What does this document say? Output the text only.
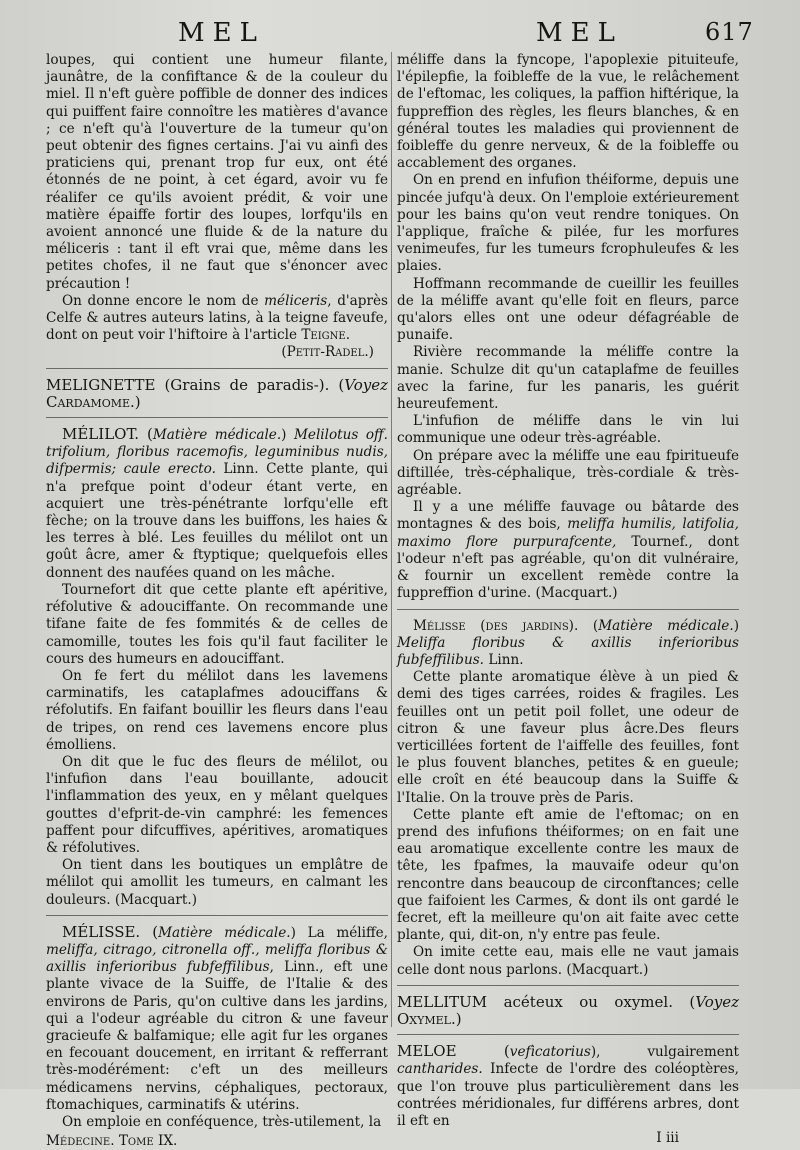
MEL	MEL	617

loupes, qui contient une humeur filante, jaunâtre, de la confiftance & de la couleur du miel. Il n'eft guère poffible de donner des indices qui puiffent faire connoître les matières d'avance ; ce n'eft qu'à l'ouverture de la tumeur qu'on peut obtenir des fignes certains. J'ai vu ainfi des praticiens qui, prenant trop fur eux, ont été étonnés de ne point, à cet égard, avoir vu fe réalifer ce qu'ils avoient prédit, & voir une matière épaiffe fortir des loupes, lorfqu'ils en avoient annoncé une fluide & de la nature du méliceris : tant il eft vrai que, même dans les petites chofes, il ne faut que s'énoncer avec précaution !

On donne encore le nom de méliceris, d'après Celfe & autres auteurs latins, à la teigne faveufe, dont on peut voir l'hiftoire à l'article Teigne.

(Petit-Radel.)

MELIGNETTE (Grains de paradis-). (Voyez Cardamome.)

MÉLILOT. (Matière médicale.) Melilotus off. trifolium, floribus racemofis, leguminibus nudis, difpermis; caule erecto. Linn. Cette plante, qui n'a prefque point d'odeur étant verte, en acquiert une très-pénétrante lorfqu'elle eft fèche; on la trouve dans les buiffons, les haies & les terres à blé. Les feuilles du mélilot ont un goût âcre, amer & ftyptique; quelquefois elles donnent des naufées quand on les mâche.

Tournefort dit que cette plante eft apéritive, réfolutive & adouciffante. On recommande une tifane faite de fes fommités & de celles de camomille, toutes les fois qu'il faut faciliter le cours des humeurs en adouciffant.

On fe fert du mélilot dans les lavemens carminatifs, les cataplafmes adouciffans & réfolutifs. En faifant bouillir les fleurs dans l'eau de tripes, on rend ces lavemens encore plus émolliens.

On dit que le fuc des fleurs de mélilot, ou l'infufion dans l'eau bouillante, adoucit l'inflammation des yeux, en y mêlant quelques gouttes d'efprit-de-vin camphré: les femences paffent pour difcuffives, apéritives, aromatiques & réfolutives.

On tient dans les boutiques un emplâtre de mélilot qui amollit les tumeurs, en calmant les douleurs. (Macquart.)

MÉLISSE. (Matière médicale.) La méliffe, meliffa, citrago, citronella off., meliffa floribus & axillis inferioribus fubfeffilibus, Linn., eft une plante vivace de la Suiffe, de l'Italie & des environs de Paris, qu'on cultive dans les jardins, qui a l'odeur agréable du citron & une faveur gracieufe & balfamique; elle agit fur les organes en fecouant doucement, en irritant & refferrant très-modérément: c'eft un des meilleurs médicamens nervins, céphaliques, pectoraux, ftomachiques, carminatifs & utérins.

On emploie en conféquence, très-utilement, la

Médecine. Tome IX.

méliffe dans la fyncope, l'apoplexie pituiteufe, l'épilepfie, la foibleffe de la vue, le relâchement de l'eftomac, les coliques, la paffion hiftérique, la fuppreffion des règles, les fleurs blanches, & en général toutes les maladies qui proviennent de foibleffe du genre nerveux, & de la foibleffe ou accablement des organes.

On en prend en infufion théiforme, depuis une pincée jufqu'à deux. On l'emploie extérieurement pour les bains qu'on veut rendre toniques. On l'applique, fraîche & pilée, fur les morfures venimeufes, fur les tumeurs fcrophuleufes & les plaies.

Hoffmann recommande de cueillir les feuilles de la méliffe avant qu'elle foit en fleurs, parce qu'alors elles ont une odeur défagréable de punaife.

Rivière recommande la méliffe contre la manie. Schulze dit qu'un cataplafme de feuilles avec la farine, fur les panaris, les guérit heureufement.

L'infufion de méliffe dans le vin lui communique une odeur très-agréable.

On prépare avec la méliffe une eau fpiritueufe diftillée, très-céphalique, très-cordiale & très-agréable.

Il y a une méliffe fauvage ou bâtarde des montagnes & des bois, meliffa humilis, latifolia, maximo flore purpurafcente, Tournef., dont l'odeur n'eft pas agréable, qu'on dit vulnéraire, & fournir un excellent remède contre la fuppreffion d'urine. (Macquart.)

Mélisse (des jardins). (Matière médicale.) Meliffa floribus & axillis inferioribus fubfeffilibus. Linn.

Cette plante aromatique élève à un pied & demi des tiges carrées, roides & fragiles. Les feuilles ont un petit poil follet, une odeur de citron & une faveur plus âcre.Des fleurs verticillées fortent de l'aiffelle des feuilles, font le plus fouvent blanches, petites & en gueule; elle croît en été beaucoup dans la Suiffe & l'Italie. On la trouve près de Paris.

Cette plante eft amie de l'eftomac; on en prend des infufions théiformes; on en fait une eau aromatique excellente contre les maux de tête, les fpafmes, la mauvaife odeur qu'on rencontre dans beaucoup de circonftances; celle que faifoient les Carmes, & dont ils ont gardé le fecret, eft la meilleure qu'on ait faite avec cette plante, qui, dit-on, n'y entre pas feule.

On imite cette eau, mais elle ne vaut jamais celle dont nous parlons. (Macquart.)

MELLITUM acéteux ou oxymel. (Voyez Oxymel.)

MELOE (vefìcatorius), vulgairement cantharides. Infecte de l'ordre des coléoptères, que l'on trouve plus particulièrement dans les contrées méridionales, fur différens arbres, dont il eft en

I iii
